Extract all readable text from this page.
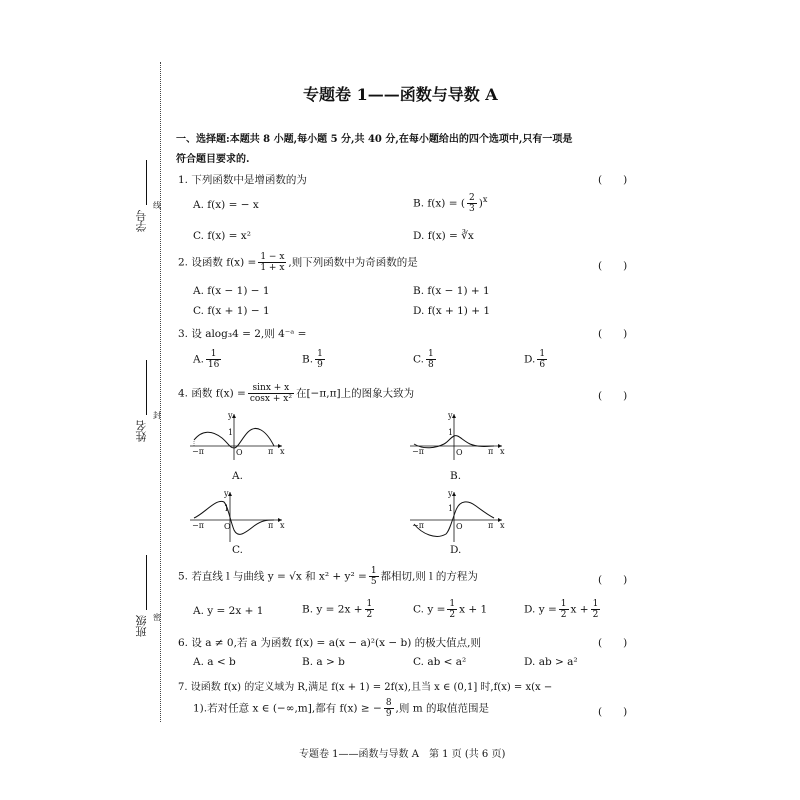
学号
线
姓名
封
班级 密
专题卷 1——函数与导数 A
一、选择题:本题共 8 小题,每小题 5 分,共 40 分,在每小题给出的四个选项中,只有一项是
符合题目要求的.
1. 下列函数中是增函数的为	(　　)
A. f(x) = − x	B. f(x) = ( $\frac{2}{3} )^x$
C. f(x) = x²	D. f(x) = ∛x
2. 设函数 $f(x) = \frac{1 - x}{1 + x}$ ,则下列函数中为奇函数的是	(　　)
A. f(x − 1) − 1	B. f(x − 1) + 1
C. f(x + 1) − 1	D. f(x + 1) + 1
3. 设 alog₃4 = 2,则 4⁻ᵃ =	(　　)
A. $\frac{1}{16}$	B. $\frac{1}{9}$	C. $\frac{1}{8}$	D. $\frac{1}{6}$
4. 函数 $f(x) = \frac{\sin x + x}{\text{cosx + x²}}$ 在[−π,π]上的图象大致为	(　　)
y
1
−π	O	π x
A.
y
1
−π	O	π x
B.
y
1
−π	O	π x
C.
y
1
−π	O	π x
D.
5. 若直线 l 与曲线 y = √x 和 $x^2 + y^2 = \frac{1}{5}$ 都相切,则 l 的方程为	(　　)
A. y = 2x + 1	B. $y = 2x + \frac{1}{2}$	C. $y = \frac{1}{2}$ x + 1	D. $y = \frac{1}{2}$ $x + \frac{1}{2}$
6. 设 a ≠ 0,若 a 为函数 f(x) = a(x − a)²(x − b) 的极大值点,则	(　　)
A. a < b	B. a > b	C. ab < a²	D. ab > a²
7. 设函数 f(x) 的定义域为 R,满足 f(x + 1) = 2f(x),且当 x ∈ (0,1] 时,f(x) = x(x −
1).若对任意 x ∈ (−∞,m],都有 f(x) ≥ − $\frac{8}{9}$ ,则 m 的取值范围是	(　　)
专题卷 1——函数与导数 A　第 1 页 (共 6 页)
